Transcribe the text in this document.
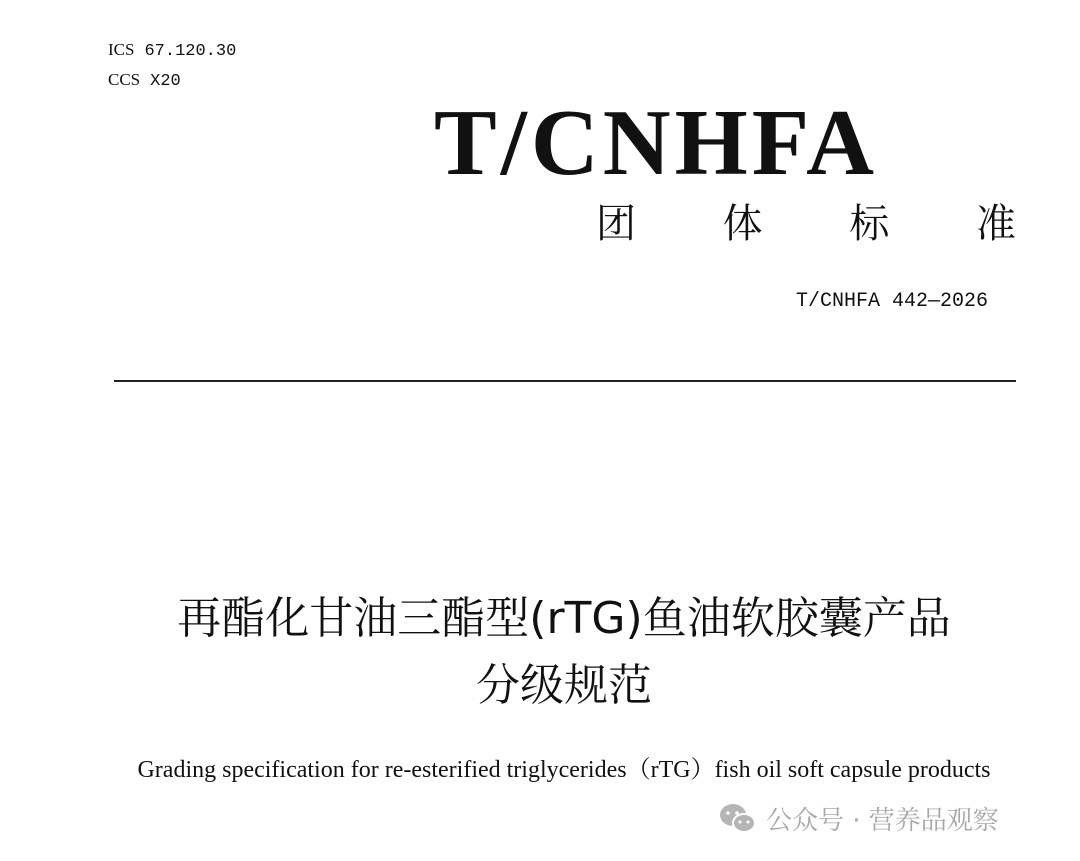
ICS 67.120.30
CCS X20
T/CNHFA
团 体 标 准
T/CNHFA 442—2026
再酯化甘油三酯型(rTG)鱼油软胶囊产品
分级规范
Grading specification for re-esterified triglycerides（rTG）fish oil soft capsule products
公众号 · 营养品观察
